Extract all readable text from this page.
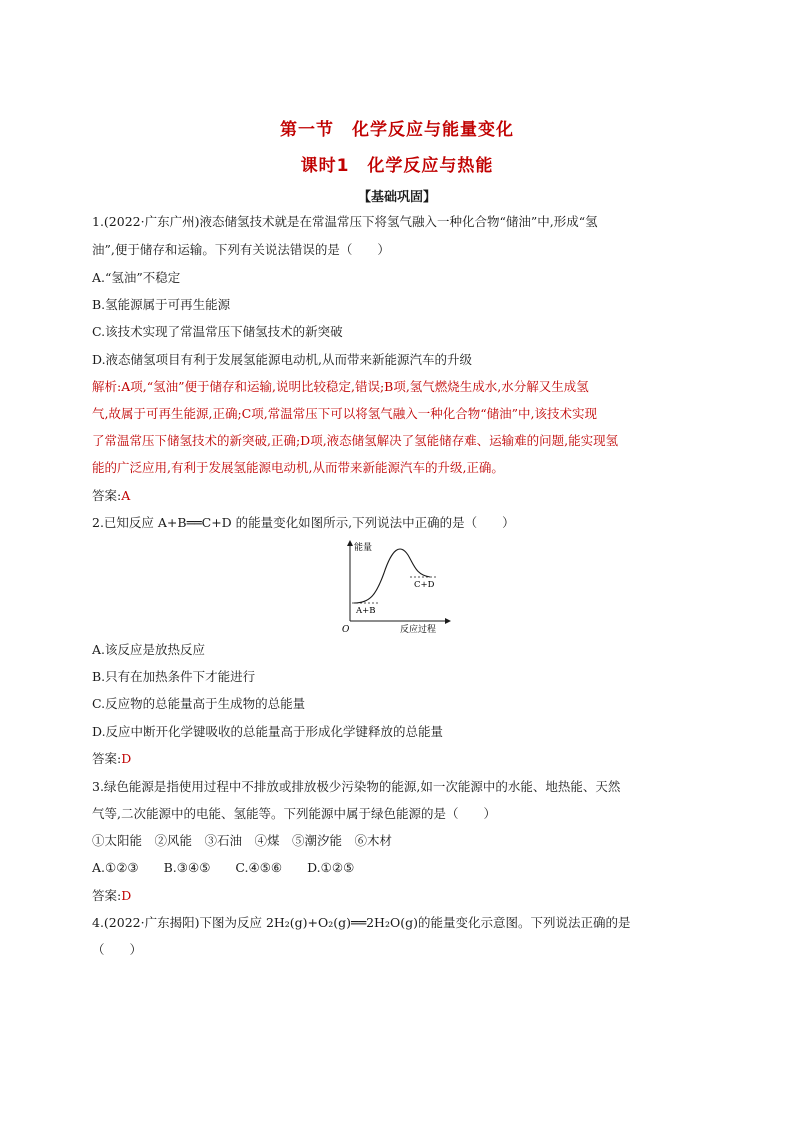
第一节　化学反应与能量变化
课时1　化学反应与热能
【基础巩固】
1.(2022·广东广州)液态储氢技术就是在常温常压下将氢气融入一种化合物“储油”中,形成“氢
油”,便于储存和运输。下列有关说法错误的是（　　）
A.“氢油”不稳定
B.氢能源属于可再生能源
C.该技术实现了常温常压下储氢技术的新突破
D.液态储氢项目有利于发展氢能源电动机,从而带来新能源汽车的升级
解析:A项,“氢油”便于储存和运输,说明比较稳定,错误;B项,氢气燃烧生成水,水分解又生成氢
气,故属于可再生能源,正确;C项,常温常压下可以将氢气融入一种化合物“储油”中,该技术实现
了常温常压下储氢技术的新突破,正确;D项,液态储氢解决了氢能储存难、运输难的问题,能实现氢
能的广泛应用,有利于发展氢能源电动机,从而带来新能源汽车的升级,正确。
答案:A
2.已知反应 A+B══C+D 的能量变化如图所示,下列说法中正确的是（　　）
能量
反应过程
O
A+B
C+D
A.该反应是放热反应
B.只有在加热条件下才能进行
C.反应物的总能量高于生成物的总能量
D.反应中断开化学键吸收的总能量高于形成化学键释放的总能量
答案:D
3.绿色能源是指使用过程中不排放或排放极少污染物的能源,如一次能源中的水能、地热能、天然
气等,二次能源中的电能、氢能等。下列能源中属于绿色能源的是（　　）
①太阳能　②风能　③石油　④煤　⑤潮汐能　⑥木材
A.①②③　　B.③④⑤　　C.④⑤⑥　　D.①②⑤
答案:D
4.(2022·广东揭阳)下图为反应 2H₂(g)+O₂(g)══2H₂O(g)的能量变化示意图。下列说法正确的是
（　　）
